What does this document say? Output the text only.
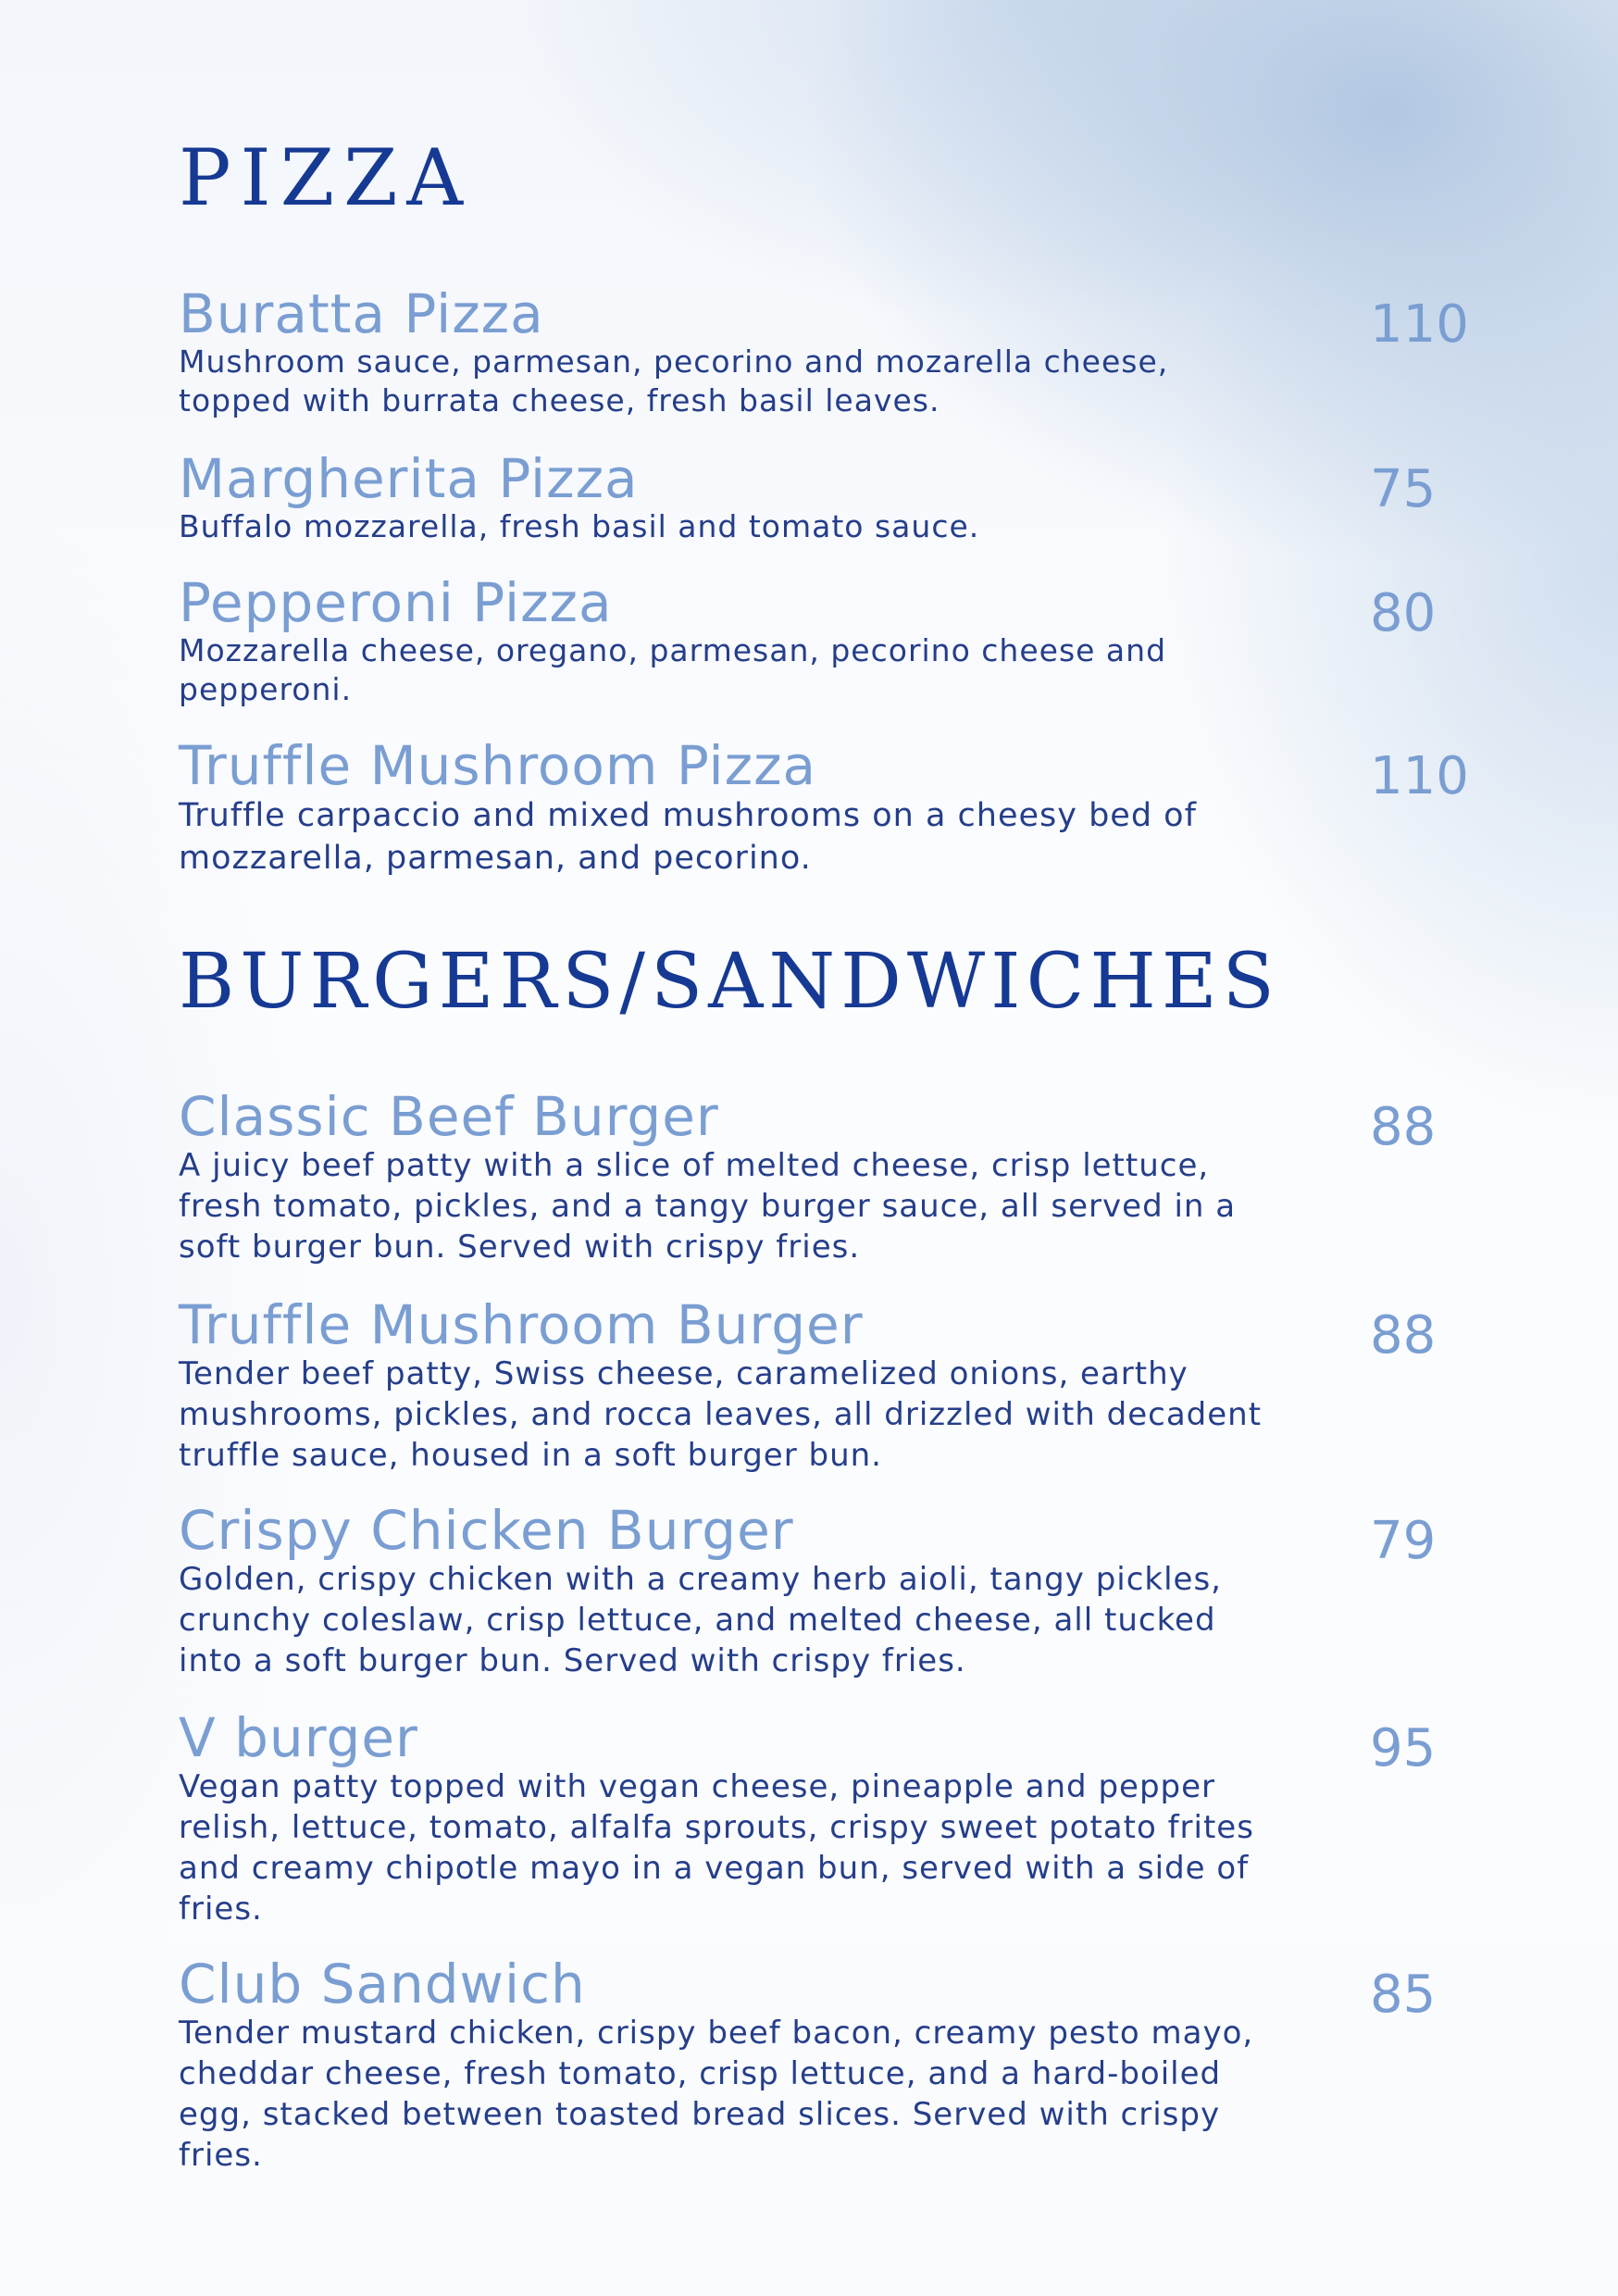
PIZZA
Buratta Pizza
Mushroom sauce, parmesan, pecorino and mozarella cheese, topped with burrata cheese, fresh basil leaves.
110
Margherita Pizza
Buffalo mozzarella, fresh basil and tomato sauce.
75
Pepperoni Pizza
Mozzarella cheese, oregano, parmesan, pecorino cheese and pepperoni.
80
Truffle Mushroom Pizza
Truffle carpaccio and mixed mushrooms on a cheesy bed of mozzarella, parmesan, and pecorino.
110
BURGERS/SANDWICHES
Classic Beef Burger
A juicy beef patty with a slice of melted cheese, crisp lettuce, fresh tomato, pickles, and a tangy burger sauce, all served in a soft burger bun. Served with crispy fries.
88
Truffle Mushroom Burger
Tender beef patty, Swiss cheese, caramelized onions, earthy mushrooms, pickles, and rocca leaves, all drizzled with decadent truffle sauce, housed in a soft burger bun.
88
Crispy Chicken Burger
Golden, crispy chicken with a creamy herb aioli, tangy pickles, crunchy coleslaw, crisp lettuce, and melted cheese, all tucked into a soft burger bun. Served with crispy fries.
79
V burger
Vegan patty topped with vegan cheese, pineapple and pepper relish, lettuce, tomato, alfalfa sprouts, crispy sweet potato frites and creamy chipotle mayo in a vegan bun, served with a side of fries.
95
Club Sandwich
Tender mustard chicken, crispy beef bacon, creamy pesto mayo, cheddar cheese, fresh tomato, crisp lettuce, and a hard-boiled egg, stacked between toasted bread slices. Served with crispy fries.
85
